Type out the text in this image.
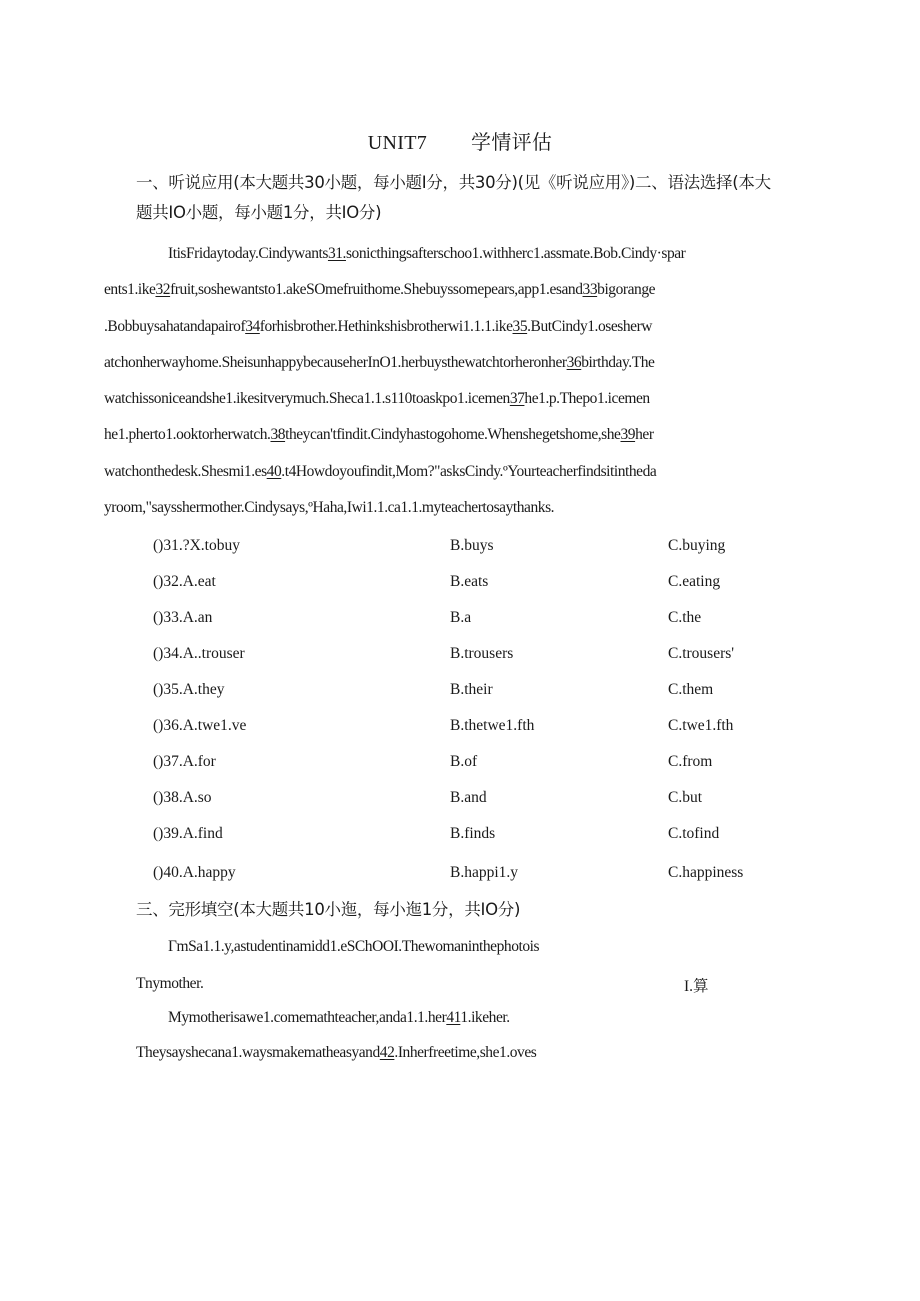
UNIT7 学情评估
一、听说应用(本大题共30小题，每小题I分，共30分)(见《听说应用》)二、语法选择(本大题共IO小题，每小题1分，共IO分)
ItisFridaytoday.Cindywants31.sonicthingsafterschoo1.withherc1.assmate.Bob.Cindy·spar
ents1.ike32fruit,soshewantsto1.akeSOmefruithome.Shebuyssomepears,app1.esand33bigorange
.Bobbuysahatandapairof34forhisbrother.Hethinkshisbrotherwi1.1.1.ike35.ButCindy1.osesherw
atchonherwayhome.SheisunhappybecauseherInO1.herbuysthewatchtorheronher36birthday.The
watchissoniceandshe1.ikesitverymuch.Sheca1.1.s110toaskpo1.icemen37he1.p.Thepo1.icemen
he1.pherto1.ooktorherwatch.38theycan'tfindit.Cindyhastogohome.Whenshegetshome,she39her
watchonthedesk.Shesmi1.es40.t4Howdoyoufindit,Mom?"asksCindy.ºYourteacherfindsitintheda
yroom,"saysshermother.Cindysays,ºHaha,Iwi1.1.ca1.1.myteachertosaythanks.
()31.?X.tobuy	B.buys	C.buying
()32.A.eat	B.eats	C.eating
()33.A.an	B.a	C.the
()34.A..trouser	B.trousers	C.trousers'
()35.A.they	B.their	C.them
()36.A.twe1.ve	B.thetwe1.fth	C.twe1.fth
()37.A.for	B.of	C.from
()38.A.so	B.and	C.but
()39.A.find	B.finds	C.tofind
()40.A.happy	B.happi1.y	C.happiness
三、完形填空(本大题共10小迤，每小迤1分，共IO分)
ΓmSa1.1.y,astudentinamidd1.eSChOOI.Thewomaninthephotois
Tnymother.	I.算
Mymotherisawe1.comemathteacher,anda1.1.her411.ikeher.
Theysayshecana1.waysmakematheasyand42.Inherfreetime,she1.oves
